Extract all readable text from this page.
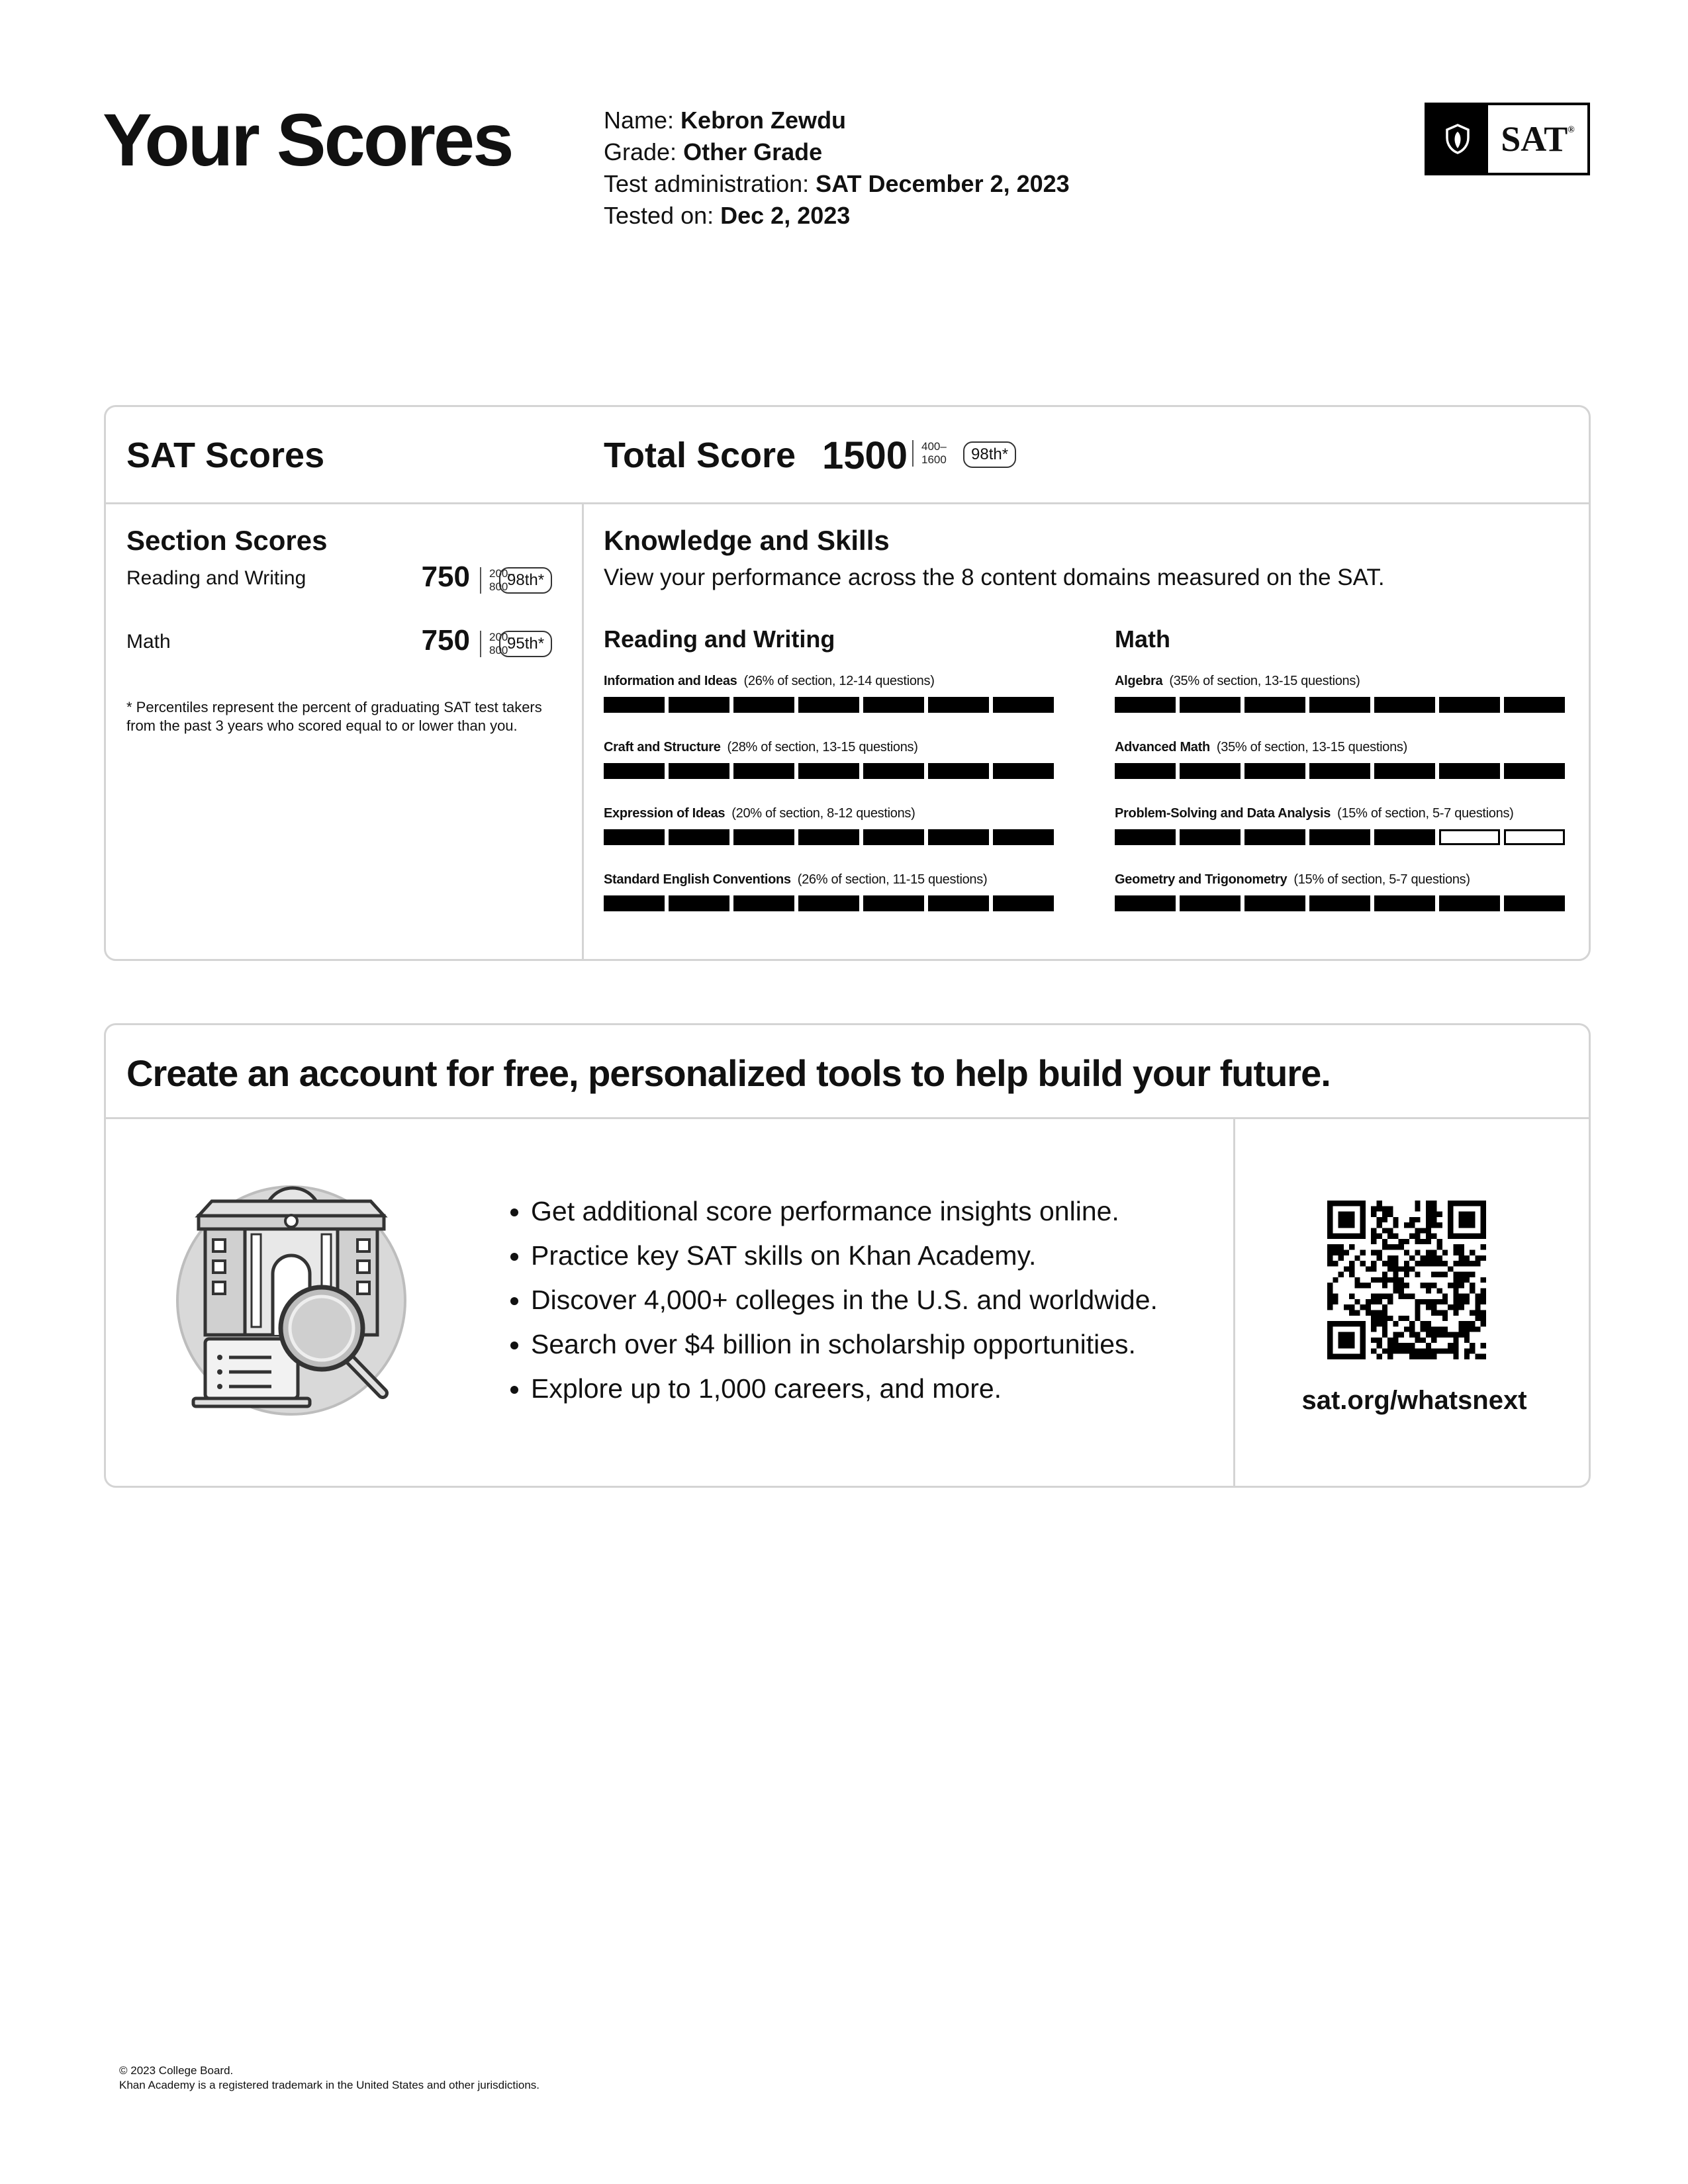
Your Scores	Name: Kebron Zewdu
Grade: Other Grade
Test administration: SAT December 2, 2023
Tested on: Dec 2, 2023
SAT®
SAT Scores	Total Score 1500 400–
1600	98th*
Section Scores
Reading and Writing	750 200–
800
98th*
Math	750 200–
800
95th*
* Percentiles represent the percent of graduating SAT test takers from the past 3 years who scored equal to or lower than you.
Knowledge and Skills
View your performance across the 8 content domains measured on the SAT.
Reading and Writing	Math
Information and Ideas (26% of section, 12-14 questions)
Craft and Structure (28% of section, 13-15 questions)
Expression of Ideas (20% of section, 8-12 questions)
Standard English Conventions (26% of section, 11-15 questions)
Algebra (35% of section, 13-15 questions)
Advanced Math (35% of section, 13-15 questions)
Problem-Solving and Data Analysis (15% of section, 5-7 questions)
Geometry and Trigonometry (15% of section, 5-7 questions)
Create an account for free, personalized tools to help build your future.
• Get additional score performance insights online.
• Practice key SAT skills on Khan Academy.
• Discover 4,000+ colleges in the U.S. and worldwide.
• Search over $4 billion in scholarship opportunities.
• Explore up to 1,000 careers, and more.	sat.org/whatsnext
© 2023 College Board.
Khan Academy is a registered trademark in the United States and other jurisdictions.
